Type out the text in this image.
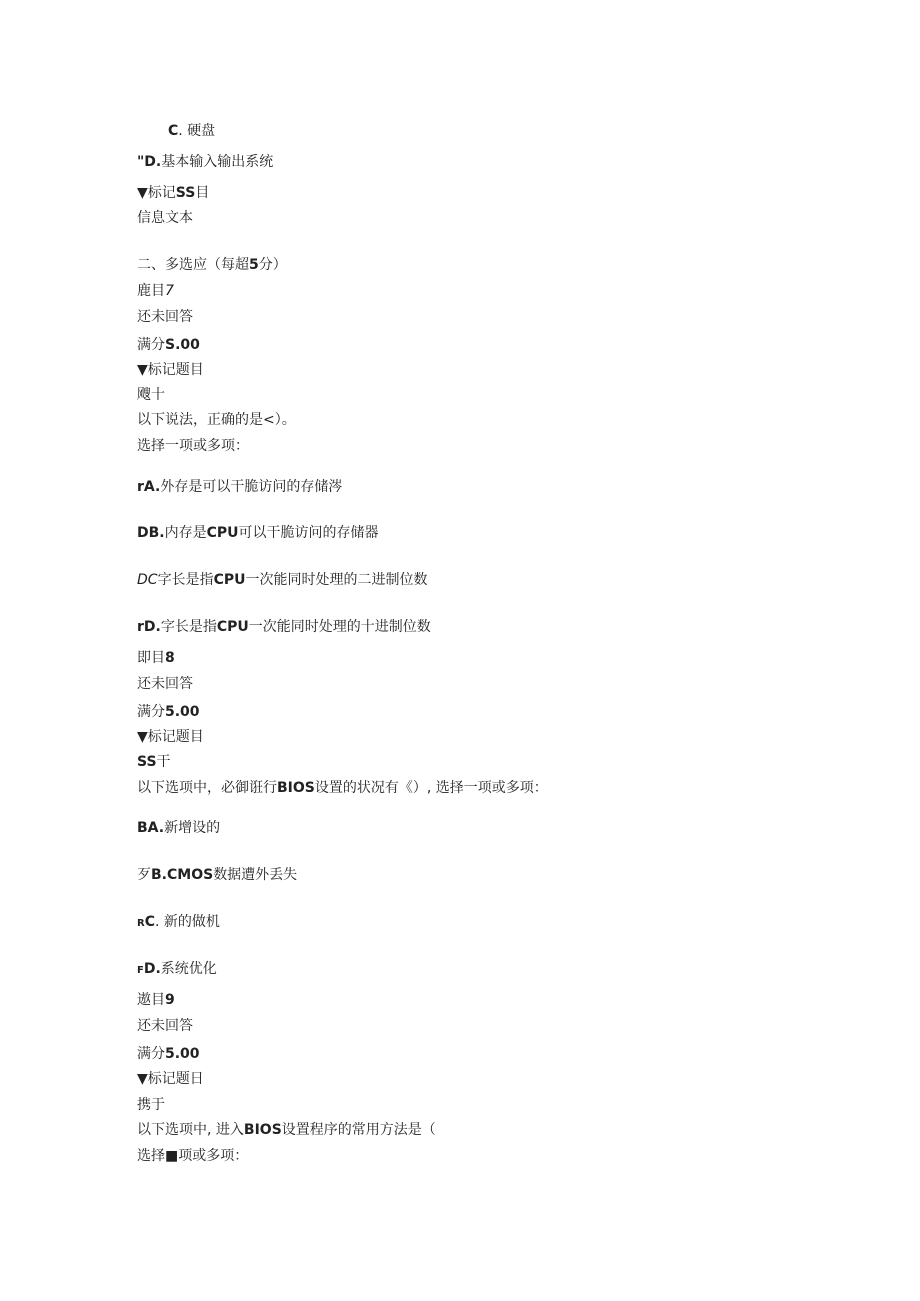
C. 硬盘
"D.基本输入输出系统
▼标记SS目
信息文本
二、多选应（每超5分）
鹿目7
还未回答
满分S.00
▼标记题目
飕十
以下说法，正确的是<）。
选择一项或多项：
rA.外存是可以干脆访问的存储涔
DB.内存是CPU可以干脆访问的存储器
DC字长是指CPU一次能同时处理的二进制位数
rD.字长是指CPU一次能同时处理的十进制位数
即目8
还未回答
满分5.00
▼标记题目
SS干
以下选项中，必御诳行BIOS设置的状况有《）, 选择一项或多项：
BA.新增设的
歹B.CMOS数据遭外丢失
RC. 新的做机
FD.系统优化
遨目9
还未回答
满分5.00
▼标记题日
携于
以下选项中, 进入BIOS设置程序的常用方法是（
选择■项或多项：
